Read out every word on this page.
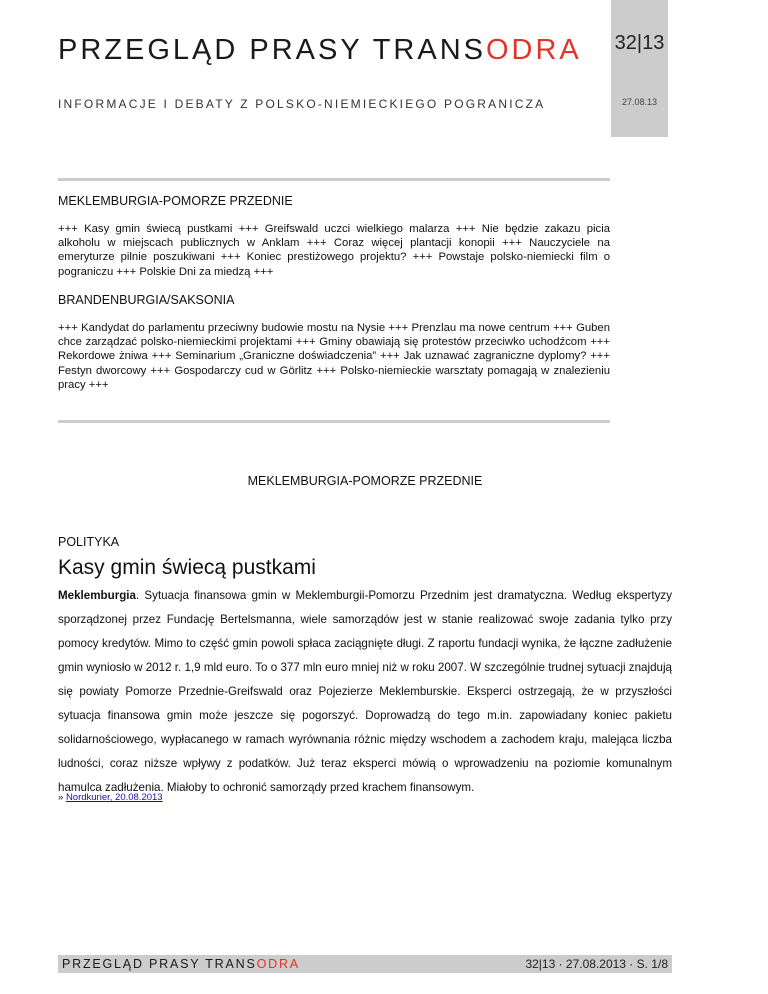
PRZEGLĄD PRASY TRANSODRA
INFORMACJE I DEBATY Z POLSKO-NIEMIECKIEGO POGRANICZA
32|13
27.08.13
MEKLEMBURGIA-POMORZE PRZEDNIE
+++ Kasy gmin świecą pustkami +++ Greifswald uczci wielkiego malarza +++ Nie będzie zakazu picia alkoholu w miejscach publicznych w Anklam +++ Coraz więcej plantacji konopii +++ Nauczyciele na emeryturze pilnie poszukiwani +++ Koniec prestiżowego projektu? +++ Powstaje polsko-niemiecki film o pograniczu +++ Polskie Dni za miedzą +++
BRANDENBURGIA/SAKSONIA
+++ Kandydat do parlamentu przeciwny budowie mostu na Nysie +++ Prenzlau ma nowe centrum +++ Guben chce zarządzać polsko-niemieckimi projektami +++ Gminy obawiają się protestów przeciwko uchodźcom +++ Rekordowe żniwa +++ Seminarium „Graniczne doświadczenia” +++ Jak uznawać zagraniczne dyplomy? +++ Festyn dworcowy +++ Gospodarczy cud w Görlitz +++ Polsko-niemieckie warsztaty pomagają w znalezieniu pracy +++
MEKLEMBURGIA-POMORZE PRZEDNIE
POLITYKA
Kasy gmin świecą pustkami
Meklemburgia. Sytuacja finansowa gmin w Meklemburgii-Pomorzu Przednim jest dramatyczna. Według ekspertyzy sporządzonej przez Fundację Bertelsmanna, wiele samorządów jest w stanie realizować swoje zadania tylko przy pomocy kredytów. Mimo to część gmin powoli spłaca zaciągnięte długi. Z raportu fundacji wynika, że łączne zadłużenie gmin wyniosło w 2012 r. 1,9 mld euro. To o 377 mln euro mniej niż w roku 2007. W szczególnie trudnej sytuacji znajdują się powiaty Pomorze Przednie-Greifswald oraz Pojezierze Meklemburskie. Eksperci ostrzegają, że w przyszłości sytuacja finansowa gmin może jeszcze się pogorszyć. Doprowadzą do tego m.in. zapowiadany koniec pakietu solidarnościowego, wypłacanego w ramach wyrównania różnic między wschodem a zachodem kraju, malejąca liczba ludności, coraz niższe wpływy z podatków. Już teraz eksperci mówią o wprowadzeniu na poziomie komunalnym hamulca zadłużenia. Miałoby to ochronić samorządy przed krachem finansowym.
» Nordkurier, 20.08.2013
PRZEGLĄD PRASY TRANSODRA	32|13 · 27.08.2013 · S. 1/8
